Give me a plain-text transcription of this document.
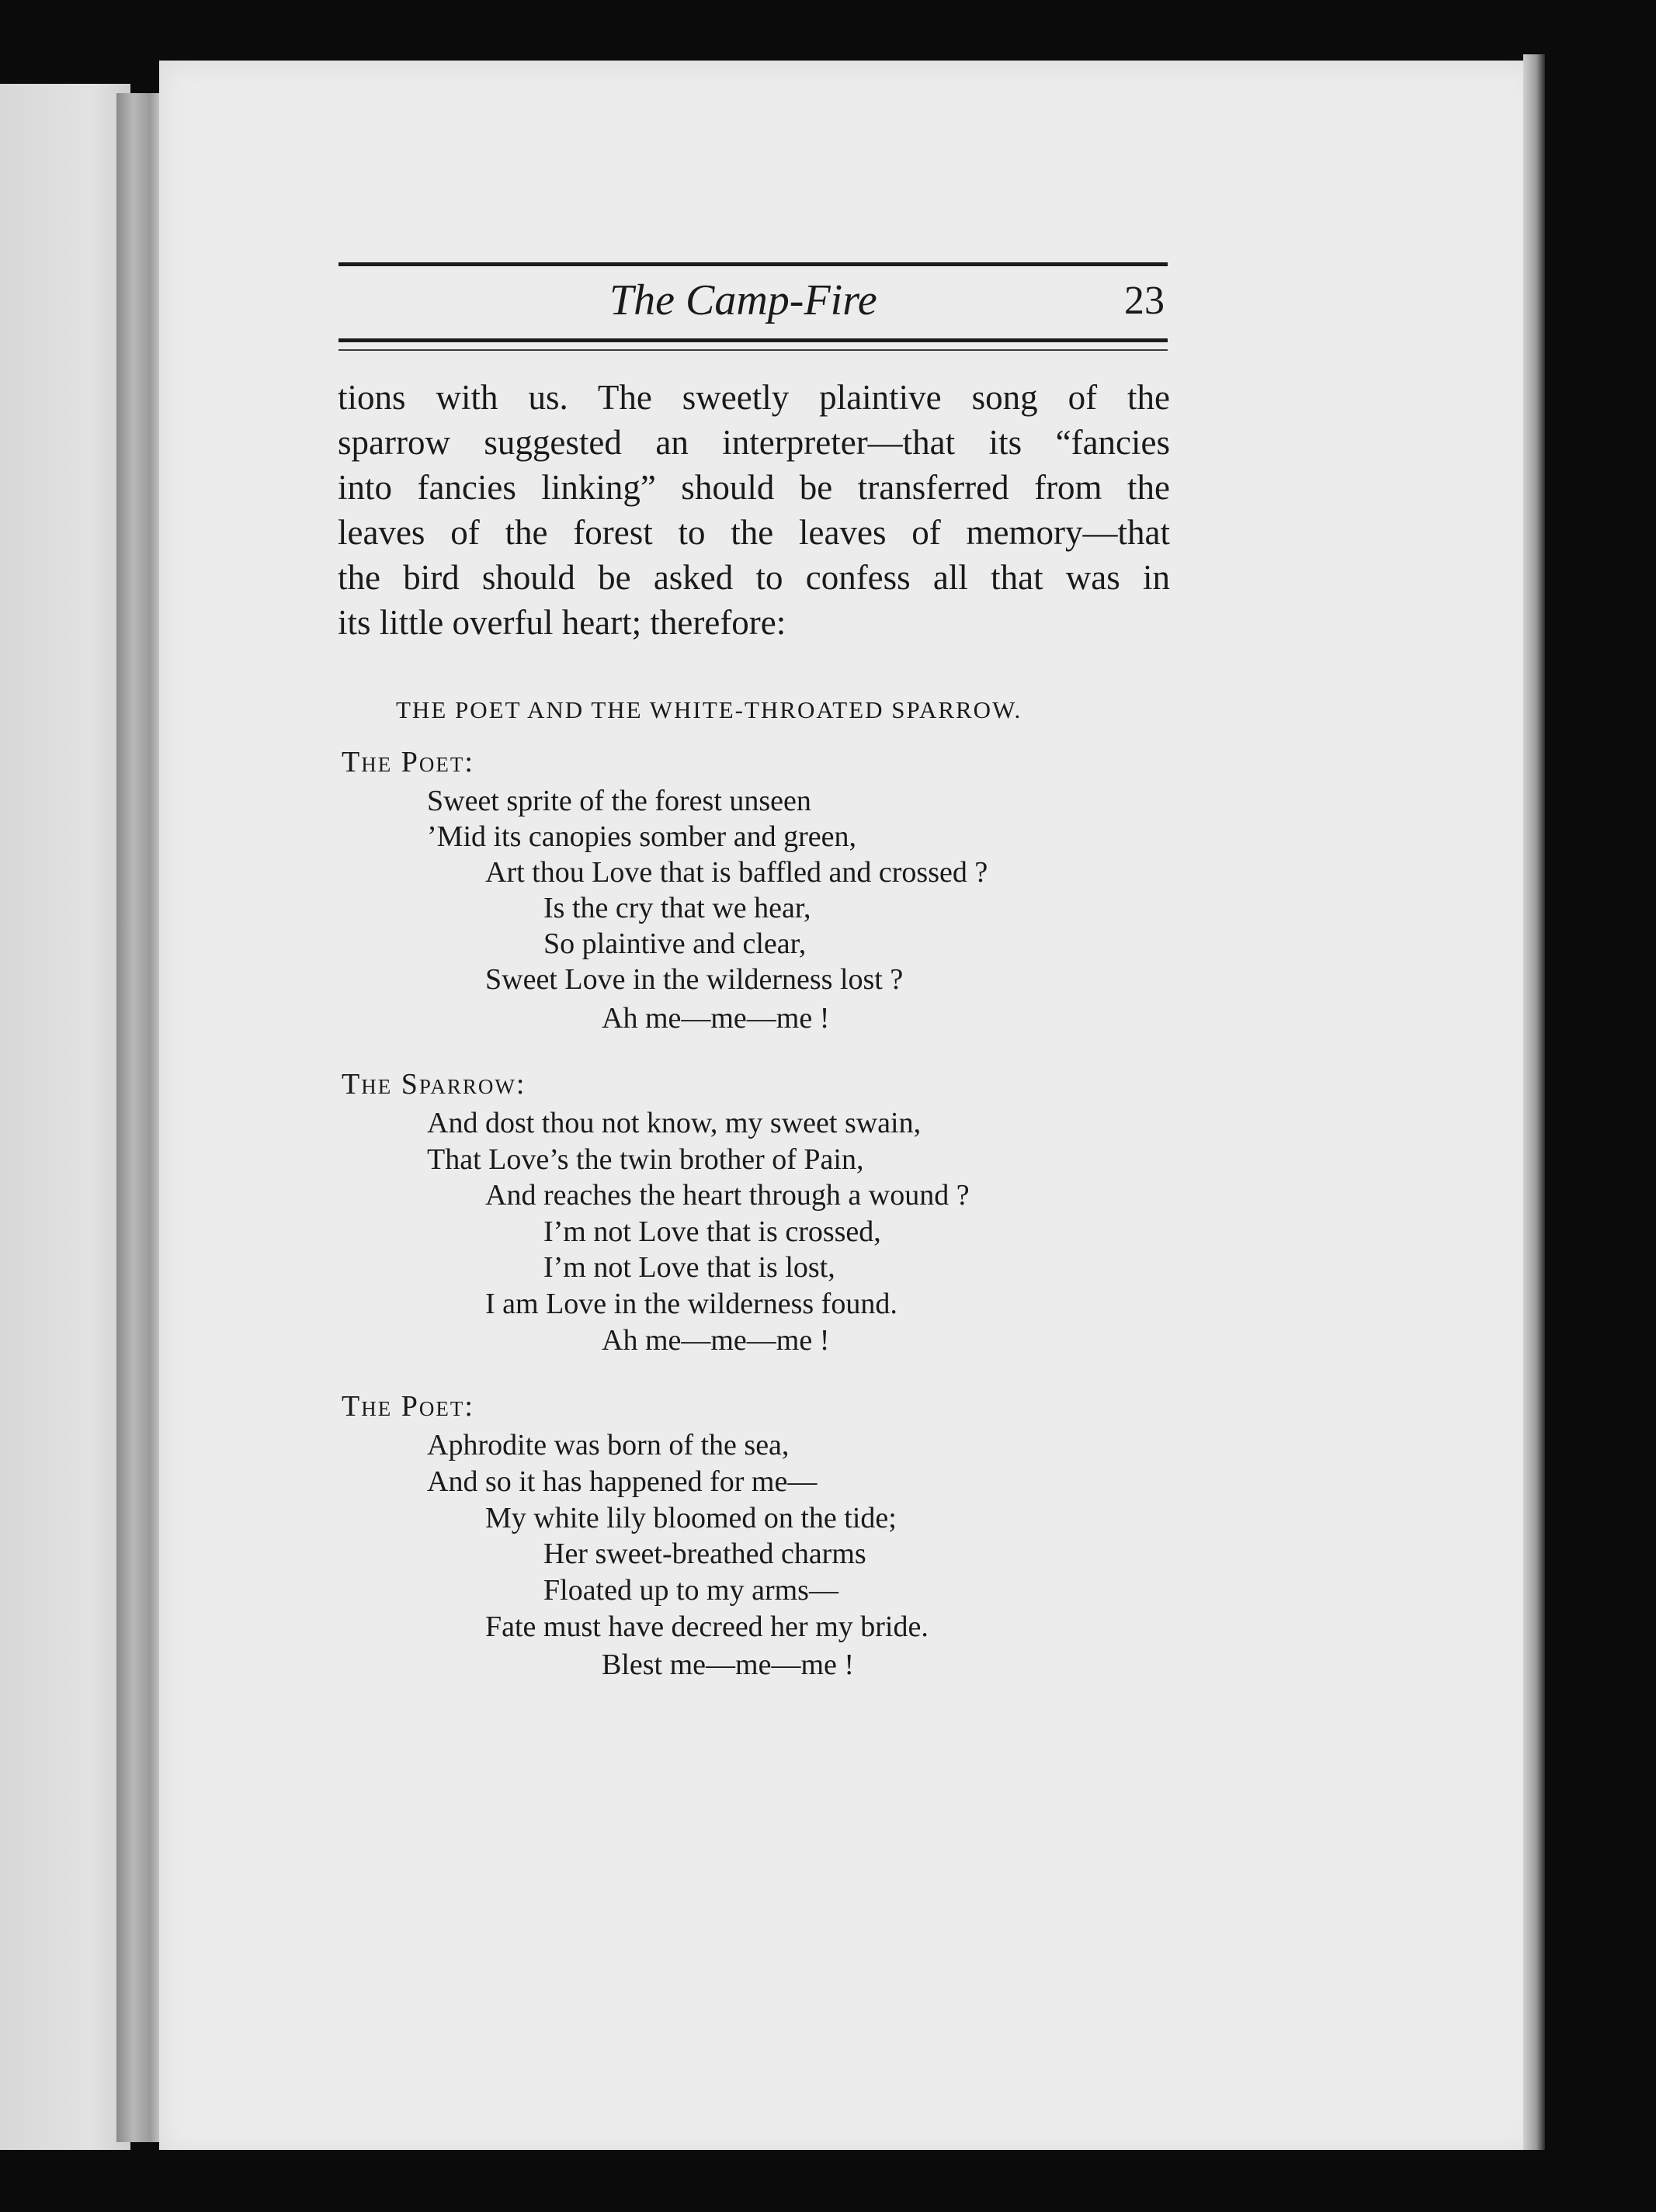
The Camp-Fire	23
tions with us. The sweetly plaintive song of the
sparrow suggested an interpreter—that its “fancies
into fancies linking” should be transferred from the
leaves of the forest to the leaves of memory—that
the bird should be asked to confess all that was in
its little overful heart; therefore:
THE POET AND THE WHITE-THROATED SPARROW.
The Poet:
Sweet sprite of the forest unseen
’Mid its canopies somber and green,
Art thou Love that is baffled and crossed ?
Is the cry that we hear,
So plaintive and clear,
Sweet Love in the wilderness lost ?
Ah me—me—me !
The Sparrow:
And dost thou not know, my sweet swain,
That Love’s the twin brother of Pain,
And reaches the heart through a wound ?
I’m not Love that is crossed,
I’m not Love that is lost,
I am Love in the wilderness found.
Ah me—me—me !
The Poet:
Aphrodite was born of the sea,
And so it has happened for me—
My white lily bloomed on the tide;
Her sweet-breathed charms
Floated up to my arms—
Fate must have decreed her my bride.
Blest me—me—me !
